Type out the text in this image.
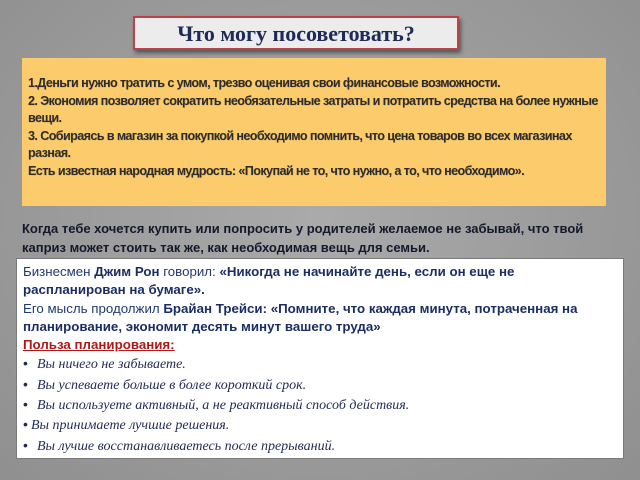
Что могу посоветовать?

1.Деньги нужно тратить с умом, трезво оценивая свои финансовые возможности.

2. Экономия позволяет сократить необязательные затраты и потратить средства на более нужные вещи.

3. Собираясь в магазин за покупкой необходимо помнить, что цена товаров во всех магазинах разная.

Есть известная народная мудрость: «Покупай не то, что нужно, а то, что необходимо».

Когда тебе хочется купить или попросить у родителей желаемое не забывай, что твой каприз может стоить так же, как необходимая вещь для семьи.

Бизнесмен Джим Рон говорил: «Никогда не начинайте день, если он еще не распланирован на бумаге».

Его мысль продолжил Брайан Трейси: «Помните, что каждая минута, потраченная на планирование, экономит десять минут вашего труда»

Польза планирования:

• Вы ничего не забываете.

• Вы успеваете больше в более короткий срок.

• Вы используете активный, а не реактивный способ действия.

• Вы принимаете лучшие решения.

• Вы лучше восстанавливаетесь после прерываний.
